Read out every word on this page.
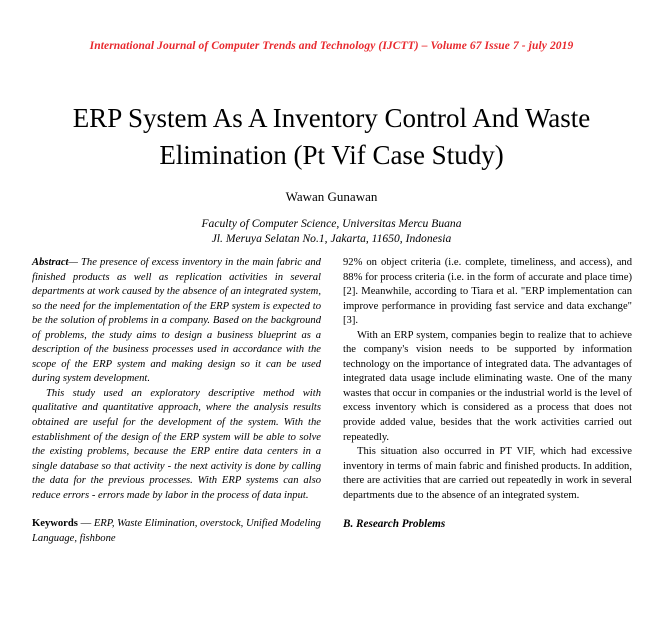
International Journal of Computer Trends and Technology (IJCTT) – Volume 67 Issue 7 - july 2019
ERP System As A Inventory Control And Waste Elimination (Pt Vif Case Study)
Wawan Gunawan
Faculty of Computer Science, Universitas Mercu Buana
Jl. Meruya Selatan No.1, Jakarta, 11650, Indonesia

Abstract— The presence of excess inventory in the main fabric and finished products as well as replication activities in several departments at work caused by the absence of an integrated system, so the need for the implementation of the ERP system is expected to be the solution of problems in a company. Based on the background of problems, the study aims to design a business blueprint as a description of the business processes used in accordance with the scope of the ERP system and making design so it can be used during system development.

This study used an exploratory descriptive method with qualitative and quantitative approach, where the analysis results obtained are useful for the development of the system. With the establishment of the design of the ERP system will be able to solve the existing problems, because the ERP entire data centers in a single database so that activity - the next activity is done by calling the data for the previous processes. With ERP systems can also reduce errors - errors made by labor in the process of data input.

Keywords — ERP, Waste Elimination, overstock, Unified Modeling Language, fishbone

92% on object criteria (i.e. complete, timeliness, and access), and 88% for process criteria (i.e. in the form of accurate and place time) [2]. Meanwhile, according to Tiara et al. "ERP implementation can improve performance in providing fast service and data exchange" [3].

With an ERP system, companies begin to realize that to achieve the company's vision needs to be supported by information technology on the importance of integrated data. The advantages of integrated data usage include eliminating waste. One of the many wastes that occur in companies or the industrial world is the level of excess inventory which is considered as a process that does not provide added value, besides that the work activities carried out repeatedly.

This situation also occurred in PT VIF, which had excessive inventory in terms of main fabric and finished products. In addition, there are activities that are carried out repeatedly in work in several departments due to the absence of an integrated system.

B. Research Problems
